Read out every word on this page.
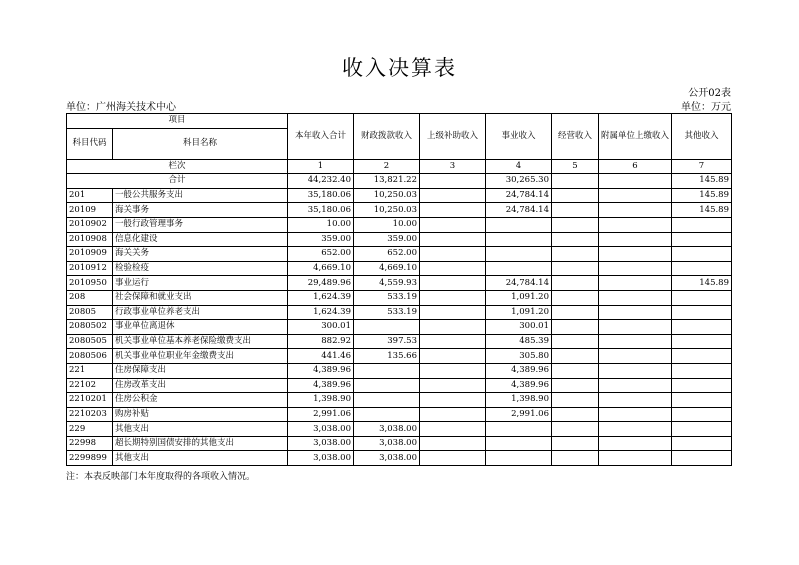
收入决算表
公开02表
单位：广州海关技术中心	单位：万元
项目		本年收入合计	财政拨款收入	上级补助收入	事业收入	经营收入	附属单位上缴收入	其他收入
科目代码	科目名称							
栏次		1	2	3	4	5	6	7
合计		44,232.40	13,821.22		30,265.30			145.89
201	一般公共服务支出	35,180.06	10,250.03		24,784.14			145.89
20109	海关事务	35,180.06	10,250.03		24,784.14			145.89
2010902	一般行政管理事务	10.00	10.00					
2010908	信息化建设	359.00	359.00					
2010909	海关关务	652.00	652.00					
2010912	检验检疫	4,669.10	4,669.10					
2010950	事业运行	29,489.96	4,559.93		24,784.14			145.89
208	社会保障和就业支出	1,624.39	533.19		1,091.20			
20805	行政事业单位养老支出	1,624.39	533.19		1,091.20			
2080502	事业单位离退休	300.01			300.01			
2080505	机关事业单位基本养老保险缴费支出	882.92	397.53		485.39			
2080506	机关事业单位职业年金缴费支出	441.46	135.66		305.80			
221	住房保障支出	4,389.96			4,389.96			
22102	住房改革支出	4,389.96			4,389.96			
2210201	住房公积金	1,398.90			1,398.90			
2210203	购房补贴	2,991.06			2,991.06			
229	其他支出	3,038.00	3,038.00					
22998	超长期特别国债安排的其他支出	3,038.00	3,038.00					
2299899	其他支出	3,038.00	3,038.00					
注：本表反映部门本年度取得的各项收入情况。
